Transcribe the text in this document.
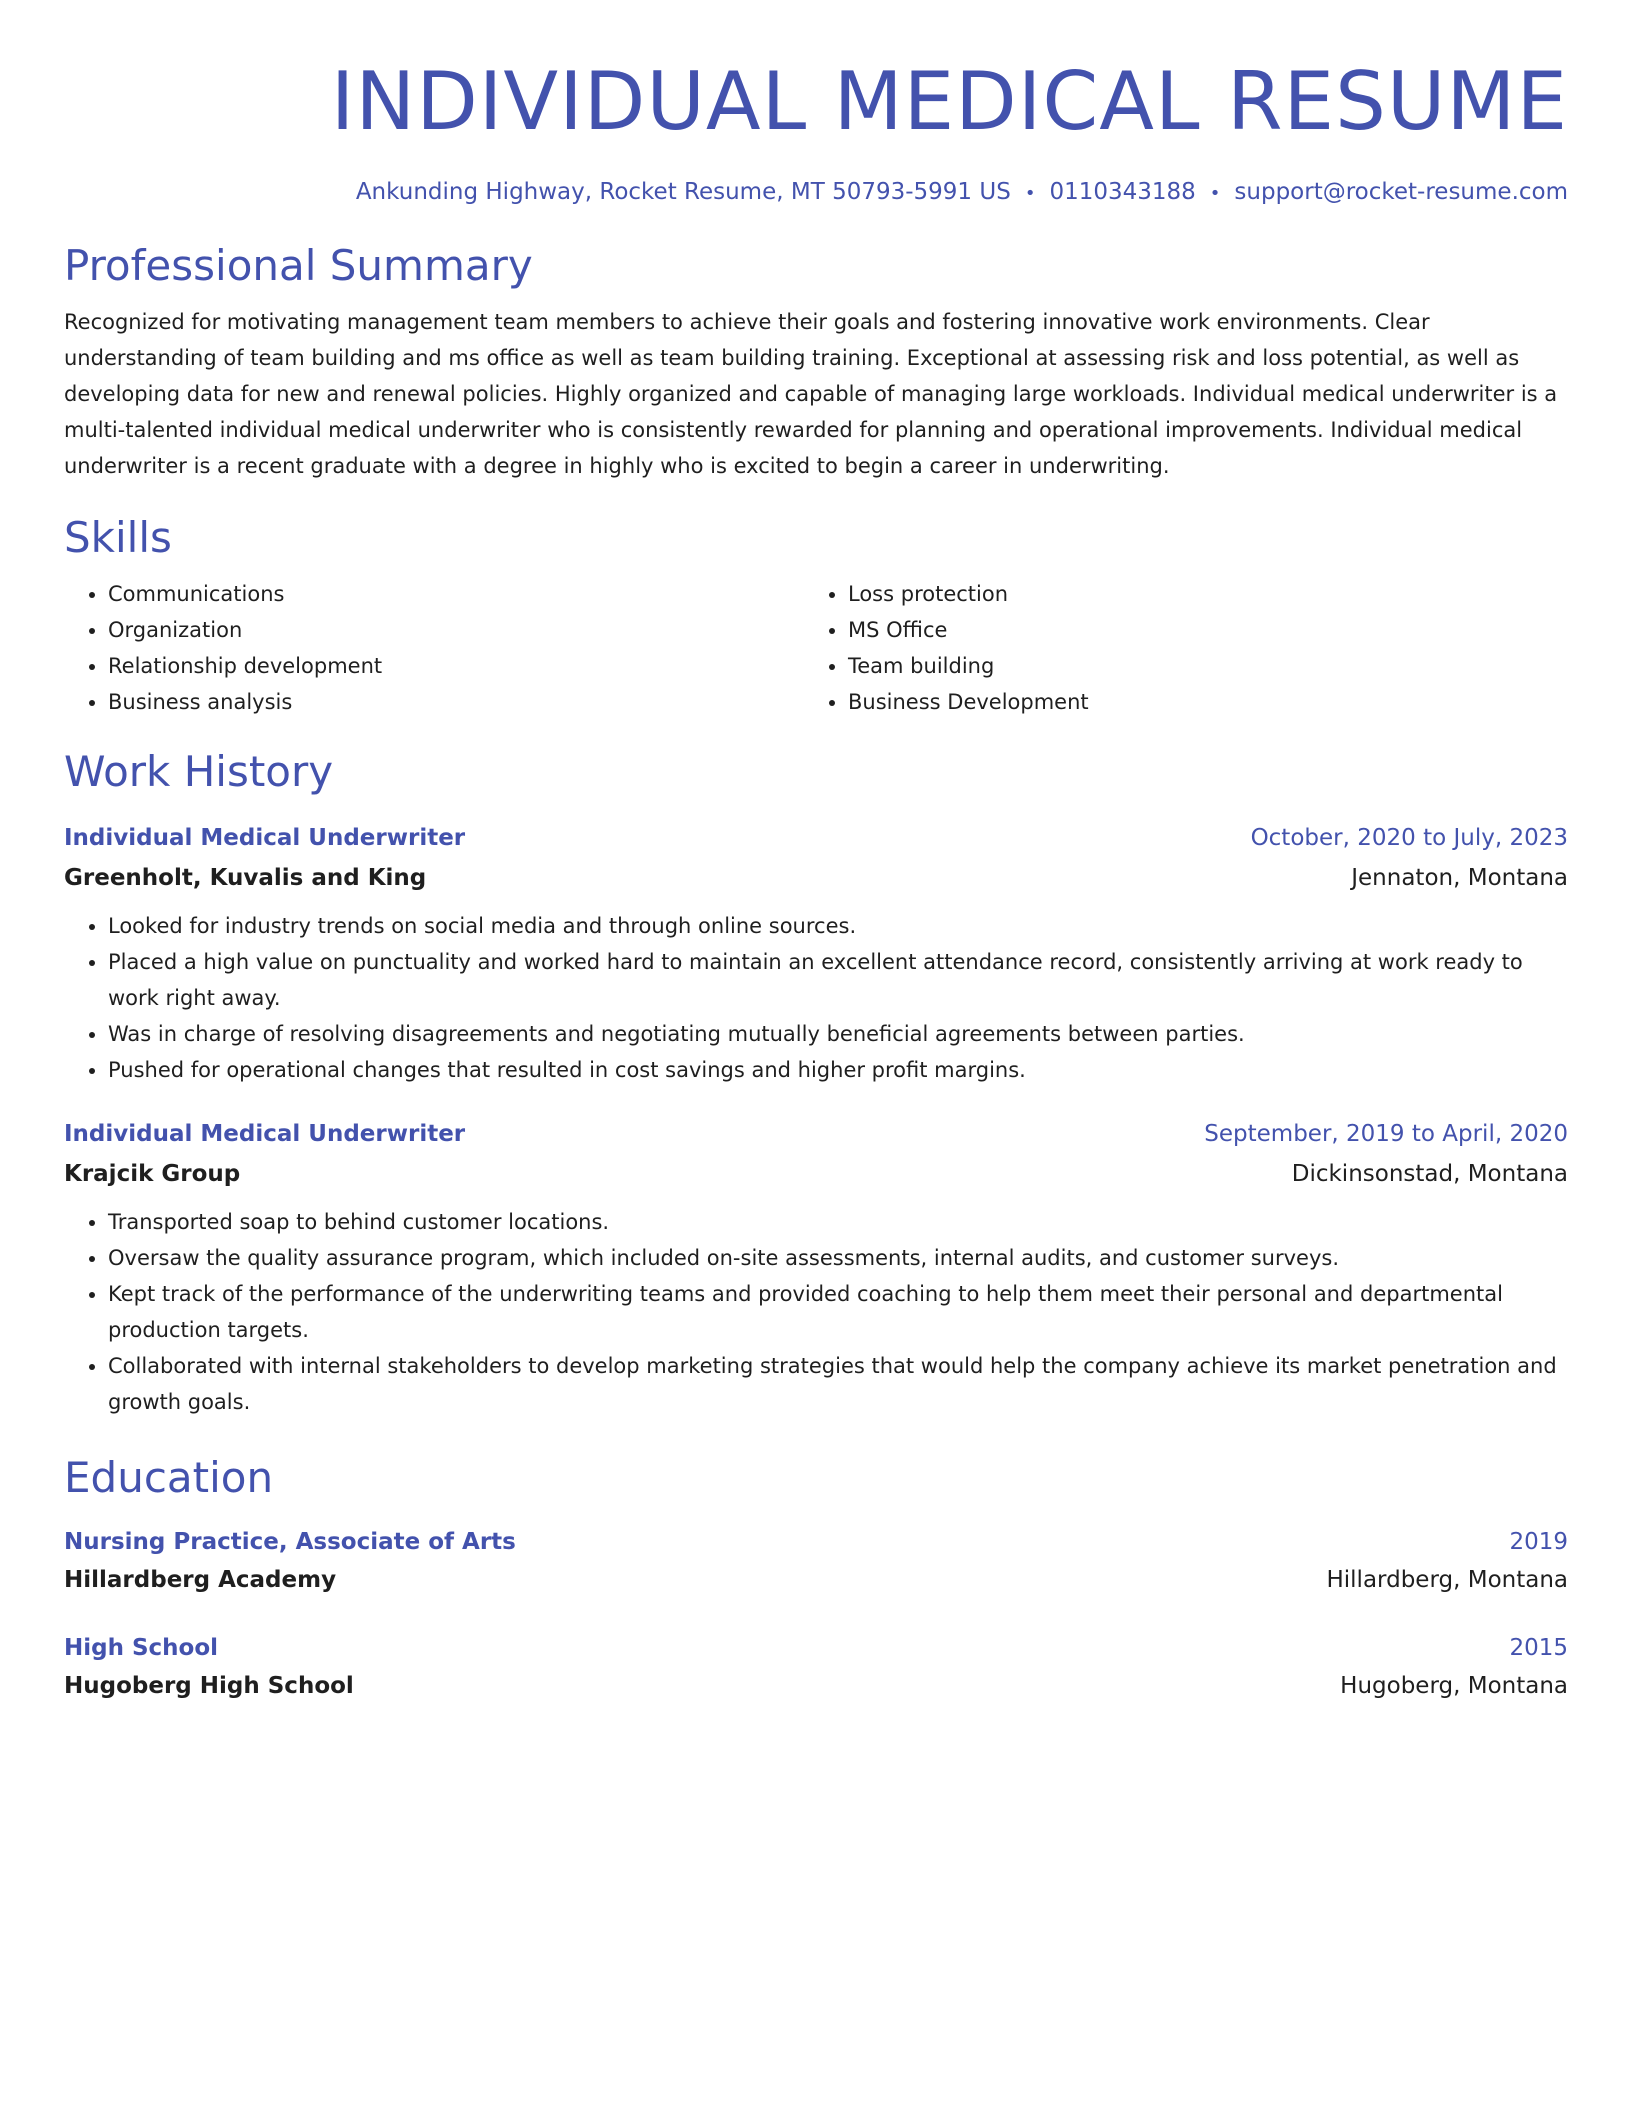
INDIVIDUAL MEDICAL RESUME
Ankunding Highway, Rocket Resume, MT 50793-5991 US • 0110343188 • support@rocket-resume.com
Professional Summary

Recognized for motivating management team members to achieve their goals and fostering innovative work environments. Clear understanding of team building and ms office as well as team building training. Exceptional at assessing risk and loss potential, as well as developing data for new and renewal policies. Highly organized and capable of managing large workloads. Individual medical underwriter is a multi-talented individual medical underwriter who is consistently rewarded for planning and operational improvements. Individual medical underwriter is a recent graduate with a degree in highly who is excited to begin a career in underwriting.

Skills
• Communications
• Organization
• Relationship development
• Business analysis
• Loss protection
• MS Office
• Team building
• Business Development
Work History
Individual Medical Underwriter	October, 2020 to July, 2023
Greenholt, Kuvalis and King	Jennaton, Montana
• Looked for industry trends on social media and through online sources.
• Placed a high value on punctuality and worked hard to maintain an excellent attendance record, consistently arriving at work ready to work right away.
• Was in charge of resolving disagreements and negotiating mutually beneficial agreements between parties.
• Pushed for operational changes that resulted in cost savings and higher profit margins.
Individual Medical Underwriter	September, 2019 to April, 2020
Krajcik Group	Dickinsonstad, Montana
• Transported soap to behind customer locations.
• Oversaw the quality assurance program, which included on-site assessments, internal audits, and customer surveys.
• Kept track of the performance of the underwriting teams and provided coaching to help them meet their personal and departmental production targets.
• Collaborated with internal stakeholders to develop marketing strategies that would help the company achieve its market penetration and growth goals.
Education
Nursing Practice, Associate of Arts	2019
Hillardberg Academy	Hillardberg, Montana
High School	2015
Hugoberg High School	Hugoberg, Montana
